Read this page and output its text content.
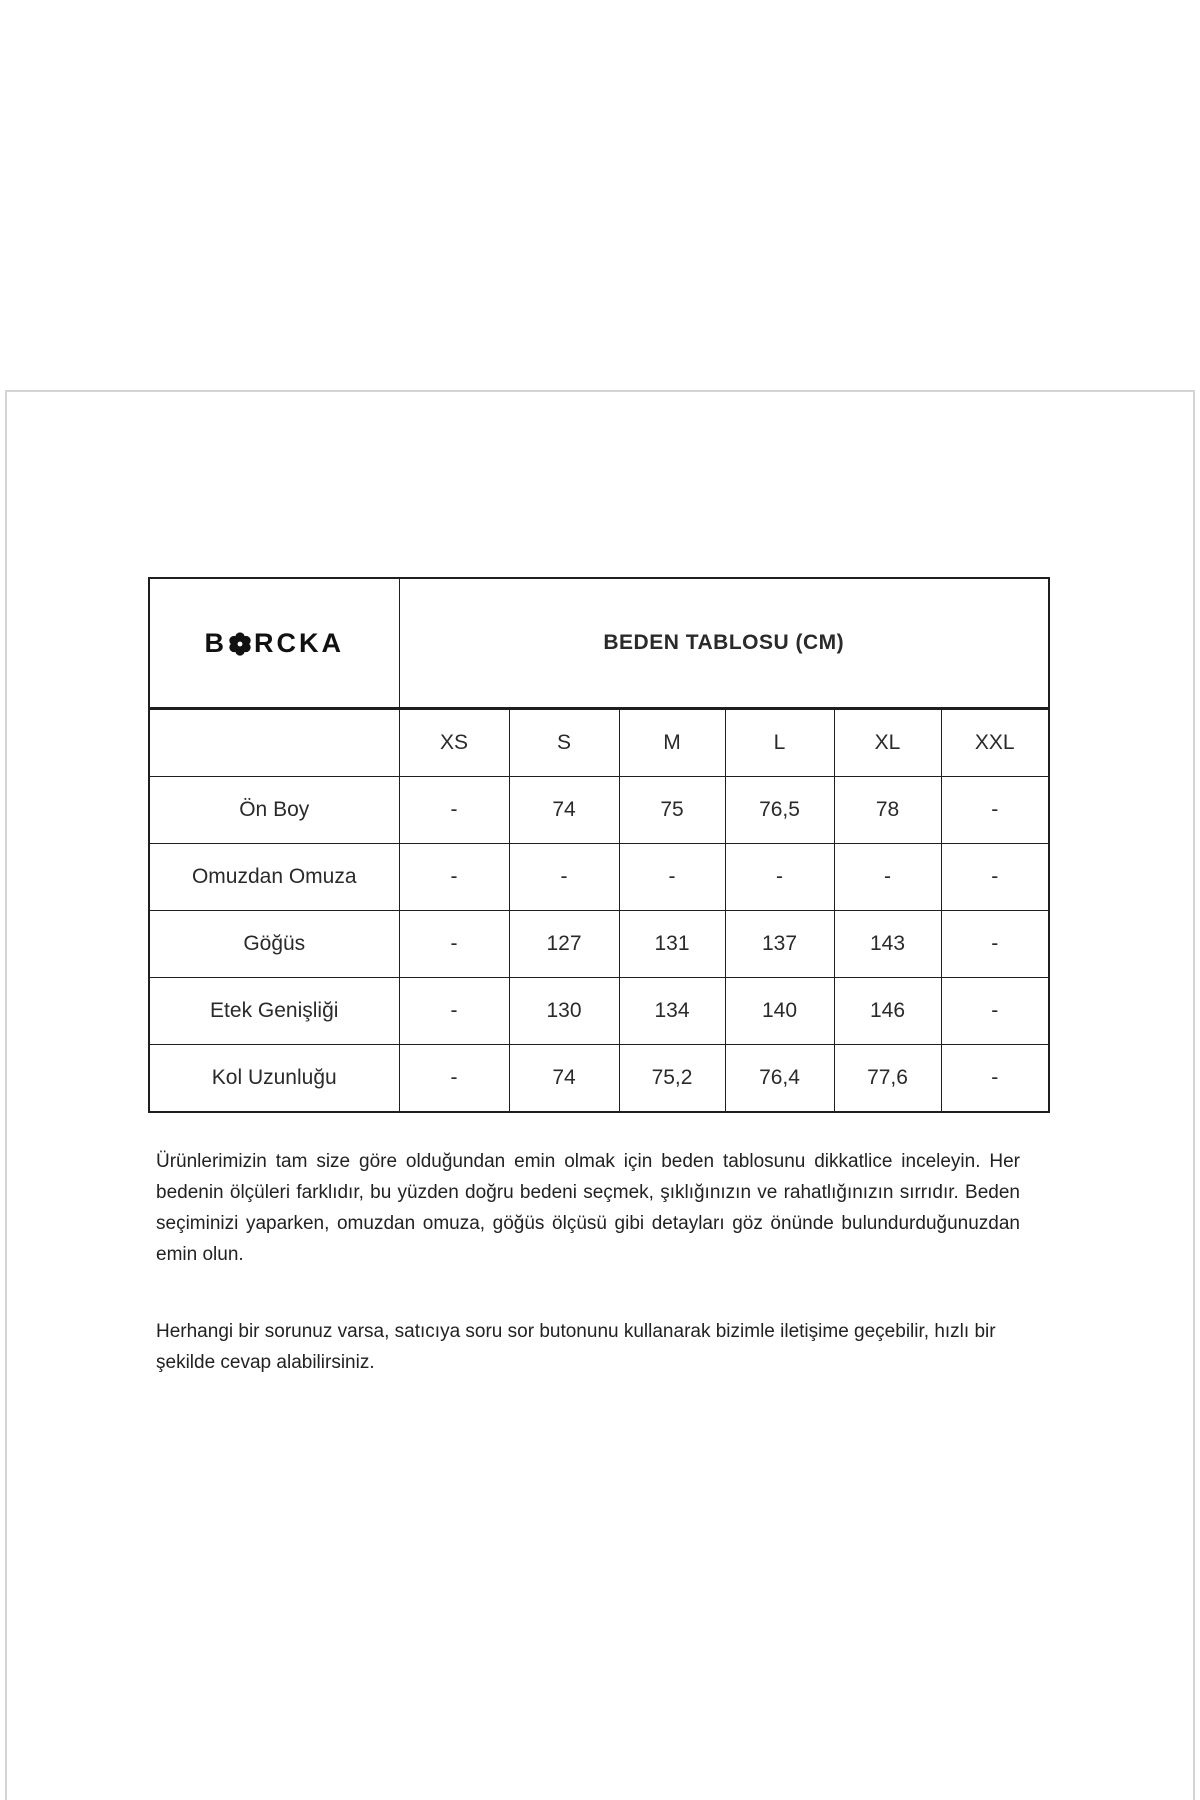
B RCKA	BEDEN TABLOSU (CM)					
	XS	S	M	L	XL	XXL
Ön Boy	-	74	75	76,5	78	-
Omuzdan Omuza	-	-	-	-	-	-
Göğüs	-	127	131	137	143	-
Etek Genişliği	-	130	134	140	146	-
Kol Uzunluğu	-	74	75,2	76,4	77,6	-

Ürünlerimizin tam size göre olduğundan emin olmak için beden tablosunu dikkatlice inceleyin. Her bedenin ölçüleri farklıdır, bu yüzden doğru bedeni seçmek, şıklığınızın ve rahatlığınızın sırrıdır. Beden seçiminizi yaparken, omuzdan omuza, göğüs ölçüsü gibi detayları göz önünde bulundurduğunuzdan emin olun.

Herhangi bir sorunuz varsa, satıcıya soru sor butonunu kullanarak bizimle iletişime geçebilir, hızlı bir şekilde cevap alabilirsiniz.
